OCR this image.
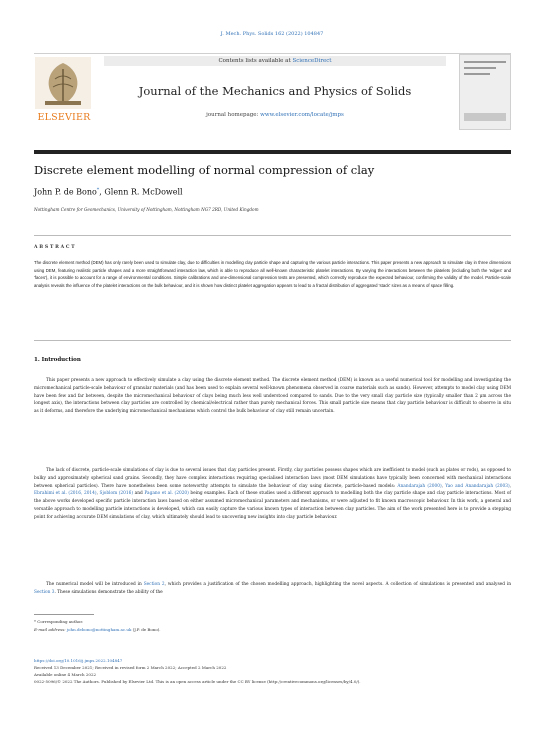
J. Mech. Phys. Solids 162 (2022) 104847
ELSEVIER
Contents lists available at ScienceDirect
Journal of the Mechanics and Physics of Solids
journal homepage: www.elsevier.com/locate/jmps
Discrete element modelling of normal compression of clay
John P. de Bono*, Glenn R. McDowell
Nottingham Centre for Geomechanics, University of Nottingham, Nottingham NG7 2RD, United Kingdom
ABSTRACT
The discrete element method (DEM) has only rarely been used to simulate clay, due to difficulties in modelling clay particle shape and capturing the various particle interactions. This paper presents a new approach to simulate clay in three dimensions using DEM, featuring realistic particle shapes and a more straightforward interaction law, which is able to reproduce all well-known characteristic platelet interactions. By varying the interactions between the platelets (including both the 'edges' and 'faces'), it is possible to account for a range of environmental conditions. Simple calibrations and one-dimensional compression tests are presented, which correctly reproduce the expected behaviour, confirming the validity of the model. Particle-scale analysis reveals the influence of the platelet interactions on the bulk behaviour, and it is shown how distinct platelet aggregation appears to lead to a fractal distribution of aggregated 'stack' sizes as a means of space filling.
1. Introduction
This paper presents a new approach to effectively simulate a clay using the discrete element method. The discrete element method (DEM) is known as a useful numerical tool for modelling and investigating the micromechanical particle-scale behaviour of granular materials (and has been used to explain several well-known phenomena observed in coarse materials such as sands). However, attempts to model clay using DEM have been few and far between, despite the micromechanical behaviour of clays being much less well understood compared to sands. Due to the very small clay particle size (typically smaller than 2 μm across the longest axis), the interactions between clay particles are controlled by chemical/electrical rather than purely mechanical forces. This small particle size means that clay particle behaviour is difficult to observe in situ as it deforms, and therefore the underlying micromechanical mechanisms which control the bulk behaviour of clay still remain uncertain.
The lack of discrete, particle-scale simulations of clay is due to several issues that clay particles present. Firstly, clay particles possess shapes which are inefficient to model (such as plates or rods), as opposed to bulky and approximately spherical sand grains. Secondly, they have complex interactions requiring specialised interaction laws (most DEM simulations have typically been concerned with mechanical interactions between spherical particles). There have nonetheless been some noteworthy attempts to simulate the behaviour of clay using discrete, particle-based models: Anandarajah (2000), Yao and Anandarajah (2003), Ebrahimi et al. (2016, 2014), Sjoblom (2016) and Pagano et al. (2020) being examples. Each of these studies used a different approach to modelling both the clay particle shape and clay particle interactions. Most of the above works developed specific particle interaction laws based on either assumed micromechanical parameters and mechanisms, or were adjusted to fit known macroscopic behaviour. In this work, a general and versatile approach to modelling particle interactions is developed, which can easily capture the various known types of interaction between clay particles. The aim of the work presented here is to provide a stepping point for achieving accurate DEM simulations of clay, which ultimately should lead to uncovering new insights into clay particle behaviour.
The numerical model will be introduced in Section 2, which provides a justification of the chosen modelling approach, highlighting the novel aspects. A collection of simulations is presented and analysed in Section 3. These simulations demonstrate the ability of the
* Corresponding author.
E-mail address: john.debono@nottingham.ac.uk (J.P. de Bono).
https://doi.org/10.1016/j.jmps.2022.104847
Received 13 December 2021; Received in revised form 2 March 2022; Accepted 2 March 2022
Available online 4 March 2022
0022-5096/© 2022 The Authors. Published by Elsevier Ltd. This is an open access article under the CC BY license (http://creativecommons.org/licenses/by/4.0/).
